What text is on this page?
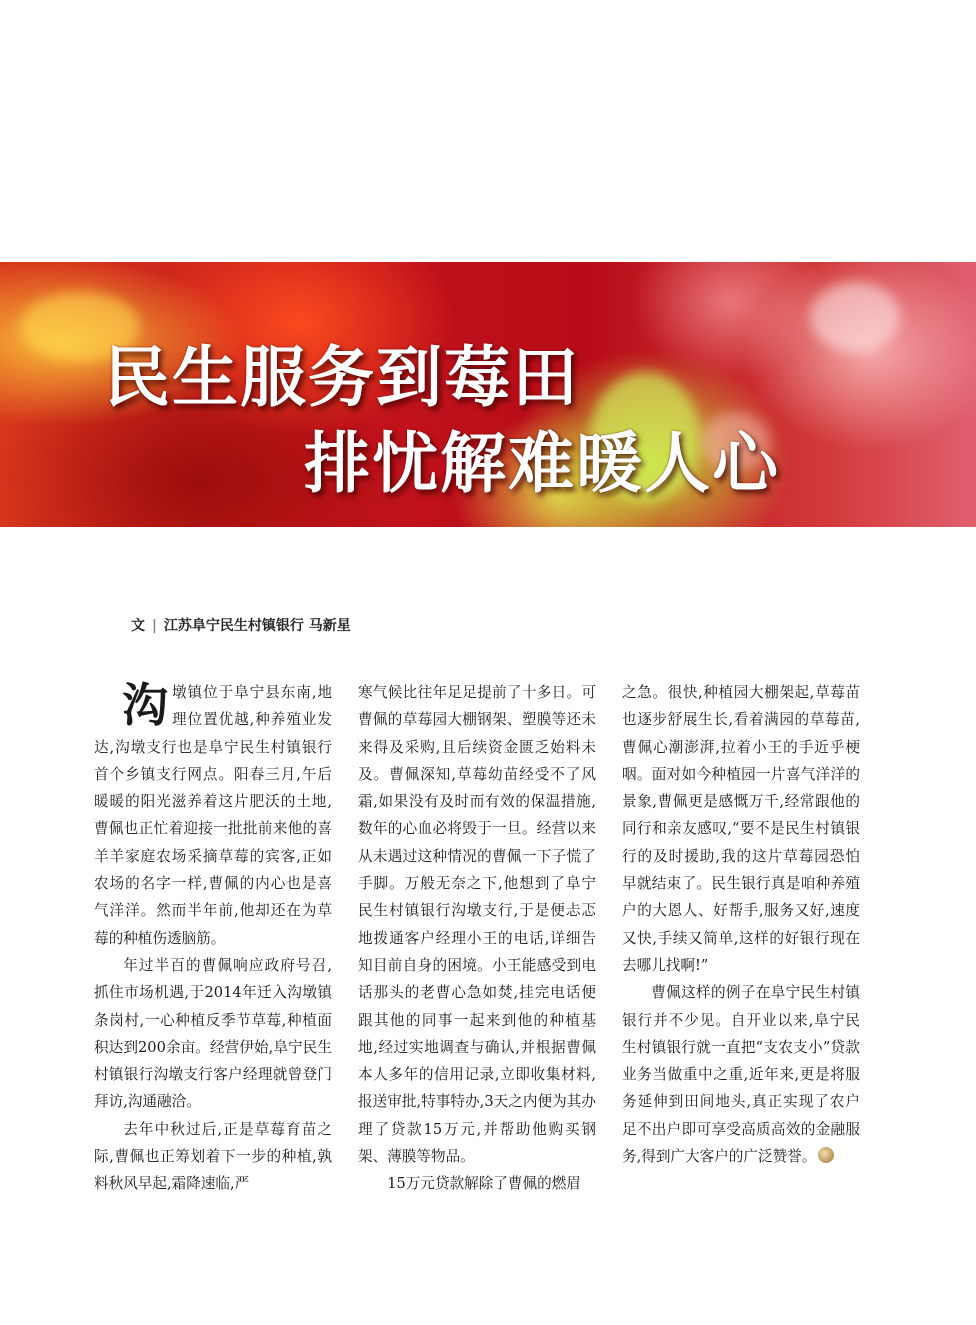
民生服务到莓田
排忧解难暖人心
文 | 江苏阜宁民生村镇银行 马新星

沟墩镇位于阜宁县东南,地理位置优越,种养殖业发达,沟墩支行也是阜宁民生村镇银行首个乡镇支行网点。阳春三月,午后暖暖的阳光滋养着这片肥沃的土地,曹佩也正忙着迎接一批批前来他的喜羊羊家庭农场采摘草莓的宾客,正如农场的名字一样,曹佩的内心也是喜气洋洋。然而半年前,他却还在为草莓的种植伤透脑筋。

年过半百的曹佩响应政府号召,抓住市场机遇,于2014年迁入沟墩镇条岗村,一心种植反季节草莓,种植面积达到200余亩。经营伊始,阜宁民生村镇银行沟墩支行客户经理就曾登门拜访,沟通融洽。

去年中秋过后,正是草莓育苗之际,曹佩也正筹划着下一步的种植,孰料秋风早起,霜降速临,严

寒气候比往年足足提前了十多日。可曹佩的草莓园大棚钢架、塑膜等还未来得及采购,且后续资金匮乏始料未及。曹佩深知,草莓幼苗经受不了风霜,如果没有及时而有效的保温措施,数年的心血必将毁于一旦。经营以来从未遇过这种情况的曹佩一下子慌了手脚。万般无奈之下,他想到了阜宁民生村镇银行沟墩支行,于是便忐忑地拨通客户经理小王的电话,详细告知目前自身的困境。小王能感受到电话那头的老曹心急如焚,挂完电话便跟其他的同事一起来到他的种植基地,经过实地调查与确认,并根据曹佩本人多年的信用记录,立即收集材料,报送审批,特事特办,3天之内便为其办理了贷款15万元,并帮助他购买钢架、薄膜等物品。

15万元贷款解除了曹佩的燃眉

之急。很快,种植园大棚架起,草莓苗也逐步舒展生长,看着满园的草莓苗,曹佩心潮澎湃,拉着小王的手近乎梗咽。面对如今种植园一片喜气洋洋的景象,曹佩更是感慨万千,经常跟他的同行和亲友感叹,“要不是民生村镇银行的及时援助,我的这片草莓园恐怕早就结束了。民生银行真是咱种养殖户的大恩人、好帮手,服务又好,速度又快,手续又简单,这样的好银行现在去哪儿找啊!”

曹佩这样的例子在阜宁民生村镇银行并不少见。自开业以来,阜宁民生村镇银行就一直把“支农支小”贷款业务当做重中之重,近年来,更是将服务延伸到田间地头,真正实现了农户足不出户即可享受高质高效的金融服务,得到广大客户的广泛赞誉。
